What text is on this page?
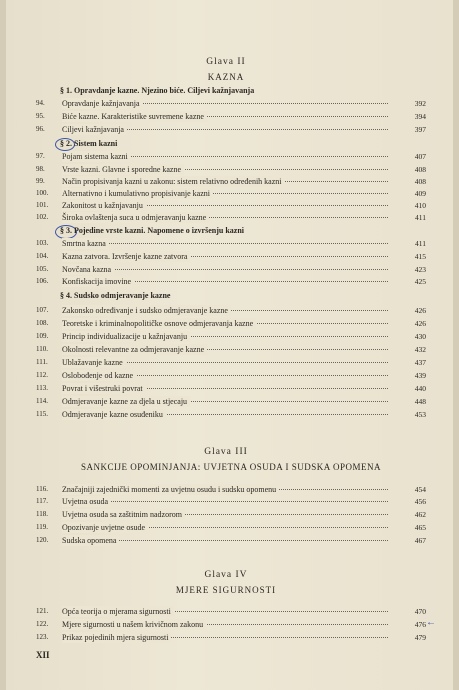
Glava II
KAZNA
§ 1. Opravdanje kazne. Njezino biće. Ciljevi kažnjavanja
94.	Opravdanje kažnjavanja	392
95.	Biće kazne. Karakteristike suvremene kazne	394
96.	Ciljevi kažnjavanja	397
§ 2. Sistem kazni
97.	Pojam sistema kazni	407
98.	Vrste kazni. Glavne i sporedne kazne	408
99.	Način propisivanja kazni u zakonu: sistem relativno određenih kazni	408
100.	Alternativno i kumulativno propisivanje kazni	409
101.	Zakonitost u kažnjavanju	410
102.	Široka ovlaštenja suca u odmjeravanju kazne	411
§ 3. Pojedine vrste kazni. Napomene o izvršenju kazni
103.	Smrtna kazna	411
104.	Kazna zatvora. Izvršenje kazne zatvora	415
105.	Novčana kazna	423
106.	Konfiskacija imovine	425
§ 4. Sudsko odmjeravanje kazne
107.	Zakonsko određivanje i sudsko odmjeravanje kazne	426
108.	Teoretske i kriminalnopolitičke osnove odmjeravanja kazne	426
109.	Princip individualizacije u kažnjavanju	430
110.	Okolnosti relevantne za odmjeravanje kazne	432
111.	Ublažavanje kazne	437
112.	Oslobođenje od kazne	439
113.	Povrat i višestruki povrat	440
114.	Odmjeravanje kazne za djela u stjecaju	448
115.	Odmjeravanje kazne osuđeniku	453
Glava III
SANKCIJE OPOMINJANJA: UVJETNA OSUDA I SUDSKA OPOMENA
116.	Značajniji zajednički momenti za uvjetnu osudu i sudsku opomenu	454
117.	Uvjetna osuda	456
118.	Uvjetna osuda sa zaštitnim nadzorom	462
119.	Opozivanje uvjetne osude	465
120.	Sudska opomena	467
Glava IV
MJERE SIGURNOSTI
121.	Opća teorija o mjerama sigurnosti	470
122.	Mjere sigurnosti u našem krivičnom zakonu	476 ←
123.	Prikaz pojedinih mjera sigurnosti	479
XII
